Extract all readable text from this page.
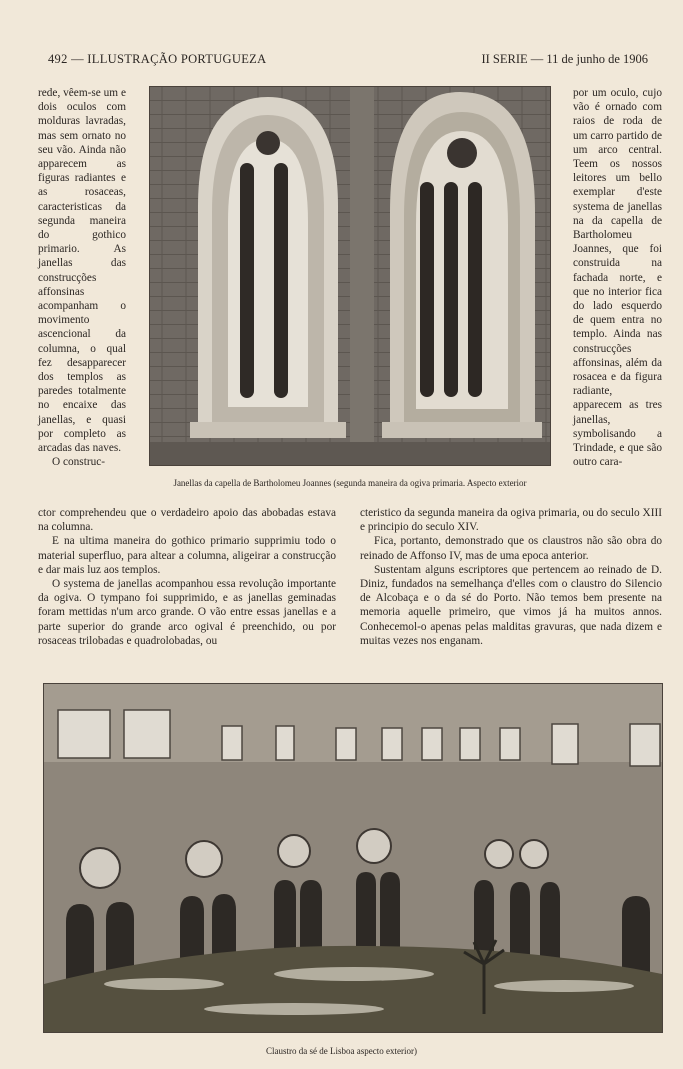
492 — ILLUSTRAÇÃO PORTUGUEZA	II SERIE — 11 de junho de 1906

rede, vêem-se um e dois oculos com molduras lavradas, mas sem ornato no seu vão. Ainda não apparecem as figuras radiantes e as rosaceas, caracteristicas da segunda maneira do gothico primario. As janellas das construcções affonsinas acompanham o movimento ascencional da columna, o qual fez desapparecer dos templos as paredes totalmente no encaixe das janellas, e quasi por completo as arcadas das naves.

O construc-

por um oculo, cujo vão é ornado com raios de roda de um carro partido de um arco central. Teem os nossos leitores um bello exemplar d'este systema de janellas na da capella de Bartholomeu Joannes, que foi construida na fachada norte, e que no interior fica do lado esquerdo de quem entra no templo. Ainda nas construcções affonsinas, além da rosacea e da figura radiante, apparecem as tres janellas, symbolisando a Trindade, e que são outro cara-

Janellas da capella de Bartholomeu Joannes (segunda maneira da ogiva primaria. Aspecto exterior

ctor comprehendeu que o verdadeiro apoio das abobadas estava na columna.

E na ultima maneira do gothico primario supprimiu todo o material superfluo, para altear a columna, aligeirar a construcção e dar mais luz aos templos.

O systema de janellas acompanhou essa revolução importante da ogiva. O tympano foi supprimido, e as janellas geminadas foram mettidas n'um arco grande. O vão entre essas janellas e a parte superior do grande arco ogival é preenchido, ou por rosaceas trilobadas e quadrolobadas, ou

cteristico da segunda maneira da ogiva primaria, ou do seculo XIII e principio do seculo XIV.

Fica, portanto, demonstrado que os claustros não são obra do reinado de Affonso IV, mas de uma epoca anterior.

Sustentam alguns escriptores que pertencem ao reinado de D. Diniz, fundados na semelhança d'elles com o claustro do Silencio de Alcobaça e o da sé do Porto. Não temos bem presente na memoria aquelle primeiro, que vimos já ha muitos annos. Conhecemol-o apenas pelas malditas gravuras, que nada dizem e muitas vezes nos enganam.

Claustro da sé de Lisboa aspecto exterior)
